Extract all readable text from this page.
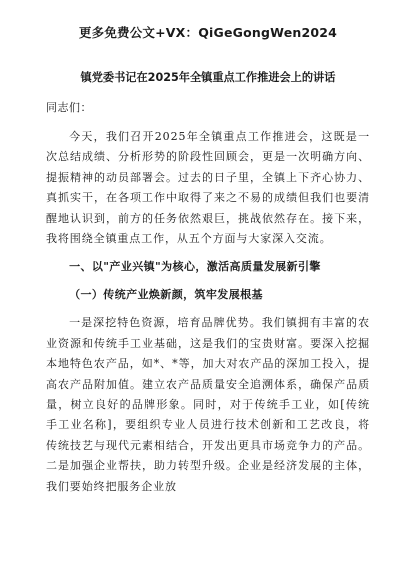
更多免费公文+VX：QiGeGongWen2024
镇党委书记在2025年全镇重点工作推进会上的讲话
同志们：

今天，我们召开2025年全镇重点工作推进会，这既是一次总结成绩、分析形势的阶段性回顾会，更是一次明确方向、提振精神的动员部署会。过去的日子里，全镇上下齐心协力、真抓实干，在各项工作中取得了来之不易的成绩但我们也要清醒地认识到，前方的任务依然艰巨，挑战依然存在。接下来，我将围绕全镇重点工作，从五个方面与大家深入交流。

一、以"产业兴镇"为核心，激活高质量发展新引擎
（一）传统产业焕新颜，筑牢发展根基

一是深挖特色资源，培育品牌优势。我们镇拥有丰富的农业资源和传统手工业基础，这是我们的宝贵财富。要深入挖掘本地特色农产品，如*、*等，加大对农产品的深加工投入，提高农产品附加值。建立农产品质量安全追溯体系，确保产品质量，树立良好的品牌形象。同时，对于传统手工业，如[传统手工业名称]，要组织专业人员进行技术创新和工艺改良，将传统技艺与现代元素相结合，开发出更具市场竞争力的产品。二是加强企业帮扶，助力转型升级。企业是经济发展的主体，我们要始终把服务企业放
